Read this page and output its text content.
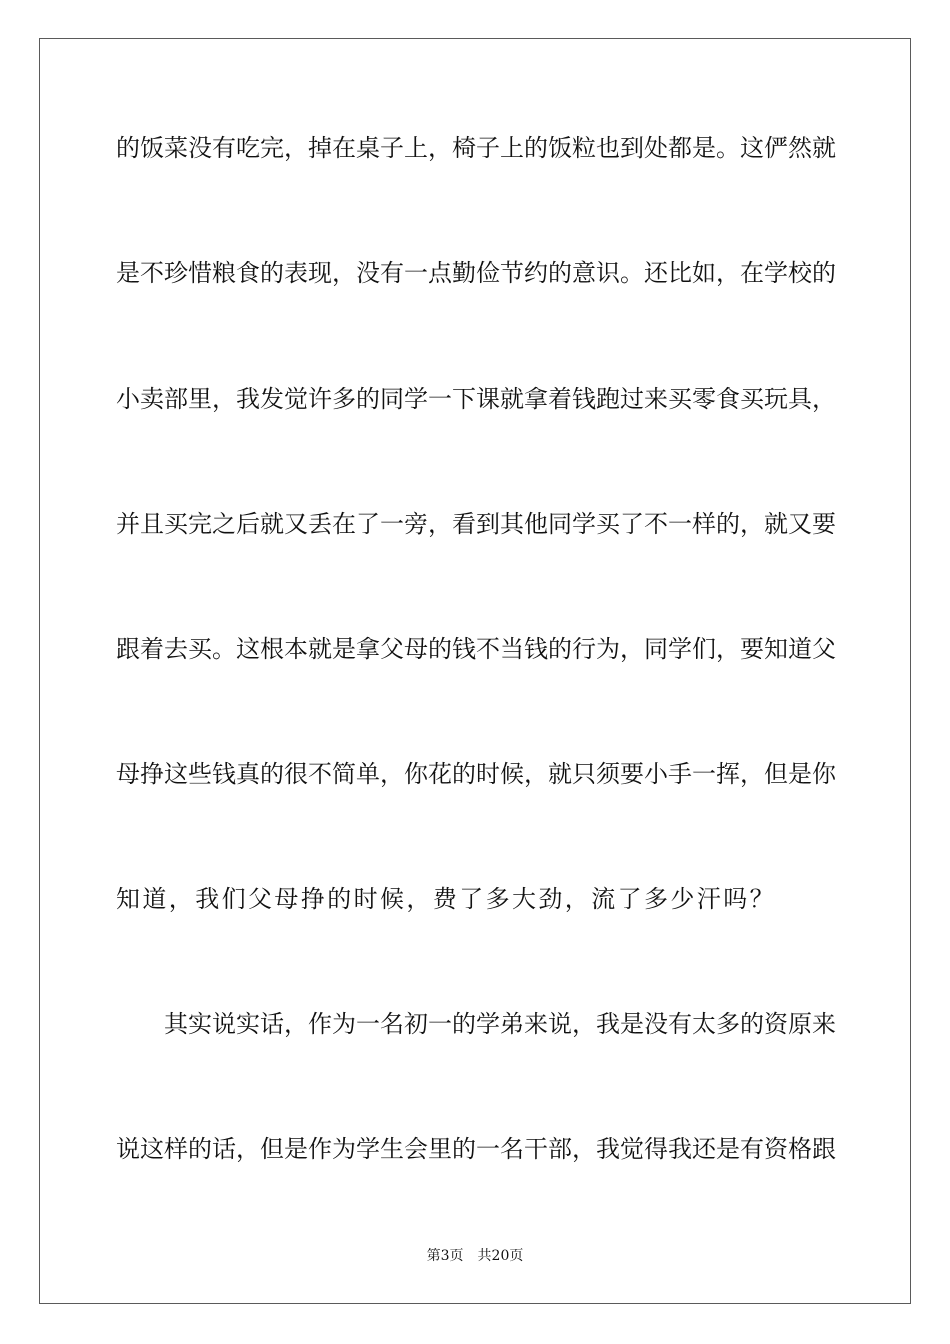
的饭菜没有吃完，掉在桌子上，椅子上的饭粒也到处都是。这俨然就
是不珍惜粮食的表现，没有一点勤俭节约的意识。还比如，在学校的
小卖部里，我发觉许多的同学一下课就拿着钱跑过来买零食买玩具，
并且买完之后就又丢在了一旁，看到其他同学买了不一样的，就又要
跟着去买。这根本就是拿父母的钱不当钱的行为，同学们，要知道父
母挣这些钱真的很不简单，你花的时候，就只须要小手一挥，但是你
知道，我们父母挣的时候，费了多大劲，流了多少汗吗？
其实说实话，作为一名初一的学弟来说，我是没有太多的资原来
说这样的话，但是作为学生会里的一名干部，我觉得我还是有资格跟
第3页 共20页
